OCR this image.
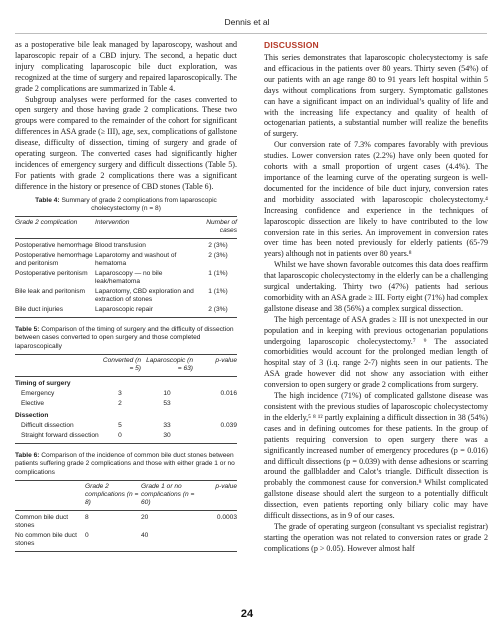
Dennis et al

as a postoperative bile leak managed by laparoscopy, washout and laparoscopic repair of a CBD injury. The second, a hepatic duct injury complicating laparoscopic bile duct exploration, was recognized at the time of surgery and repaired laparoscopically. The grade 2 complications are summarized in Table 4.

Subgroup analyses were performed for the cases converted to open surgery and those having grade 2 complications. These two groups were compared to the remainder of the cohort for significant differences in ASA grade (≥ III), age, sex, complications of gallstone disease, difficulty of dissection, timing of surgery and grade of operating surgeon. The converted cases had significantly higher incidences of emergency surgery and difficult dissections (Table 5). For patients with grade 2 complications there was a significant difference in the history or presence of CBD stones (Table 6).

Table 4: Summary of grade 2 complications from laparoscopic cholecystectomy (n = 8)
Grade 2 complication	Intervention	Number of cases
Postoperative hemorrhage	Blood transfusion	2 (3%)
Postoperative hemorrhage and peritonism	Laparotomy and washout of hematoma	2 (3%)
Postoperative peritonism	Laparoscopy — no bile leak/hematoma	1 (1%)
Bile leak and peritonism	Laparotomy, CBD exploration and extraction of stones	1 (1%)
Bile duct injuries	Laparoscopic repair	2 (3%)
Table 5: Comparison of the timing of surgery and the difficulty of dissection between cases converted to open surgery and those completed laparoscopically
	Converted (n = 5)	Laparoscopic (n = 63)	p-value
Timing of surgery			
Emergency	3	10	0.016
Elective	2	53	
Dissection			
Difficult dissection	5	33	0.039
Straight forward dissection	0	30	
Table 6: Comparison of the incidence of common bile duct stones between patients suffering grade 2 complications and those with either grade 1 or no complications
	Grade 2 complications (n = 8)	Grade 1 or no complications (n = 60)	p-value
Common bile duct stones	8	20	0.0003
No common bile duct stones	0	40	
DISCUSSION

This series demonstrates that laparoscopic cholecystectomy is safe and efficacious in the patients over 80 years. Thirty seven (54%) of our patients with an age range 80 to 91 years left hospital within 5 days without complications from surgery. Symptomatic gallstones can have a significant impact on an individual’s quality of life and with the increasing life expectancy and quality of health of octogenarian patients, a substantial number will realize the benefits of surgery.

Our conversion rate of 7.3% compares favorably with previous studies. Lower conversion rates (2.2%) have only been quoted for cohorts with a small proportion of urgent cases (4.4%). The importance of the learning curve of the operating surgeon is well-documented for the incidence of bile duct injury, conversion rates and morbidity associated with laparoscopic cholecystectomy.⁴ Increasing confidence and experience in the techniques of laparoscopic dissection are likely to have contributed to the low conversion rate in this series. An improvement in conversion rates over time has been noted previously for elderly patients (65-79 years) although not in patients over 80 years.⁸

Whilst we have shown favorable outcomes this data does reaffirm that laparoscopic cholecystectomy in the elderly can be a challenging surgical undertaking. Thirty two (47%) patients had serious comorbidity with an ASA grade ≥ III. Forty eight (71%) had complex gallstone disease and 38 (56%) a complex surgical dissection.

The high percentage of ASA grades ≥ III is not unexpected in our population and in keeping with previous octogenarian populations undergoing laparoscopic cholecystectomy.⁷ ⁹ The associated comorbidities would account for the prolonged median length of hospital stay of 3 (i.q. range 2-7) nights seen in our patients. The ASA grade however did not show any association with either conversion to open surgery or grade 2 complications from surgery.

The high incidence (71%) of complicated gallstone disease was consistent with the previous studies of laparoscopic cholecystectomy in the elderly,⁵ ⁸ ¹² partly explaining a difficult dissection in 38 (54%) cases and in defining outcomes for these patients. In the group of patients requiring conversion to open surgery there was a significantly increased number of emergency procedures (p = 0.016) and difficult dissections (p = 0.039) with dense adhesions or scarring around the gallbladder and Calot’s triangle. Difficult dissection is probably the commonest cause for conversion.⁸ Whilst complicated gallstone disease should alert the surgeon to a potentially difficult dissection, even patients reporting only biliary colic may have difficult dissections, as in 9 of our cases.

The grade of operating surgeon (consultant vs specialist registrar) starting the operation was not related to conversion rates or grade 2 complications (p > 0.05). However almost half

24
